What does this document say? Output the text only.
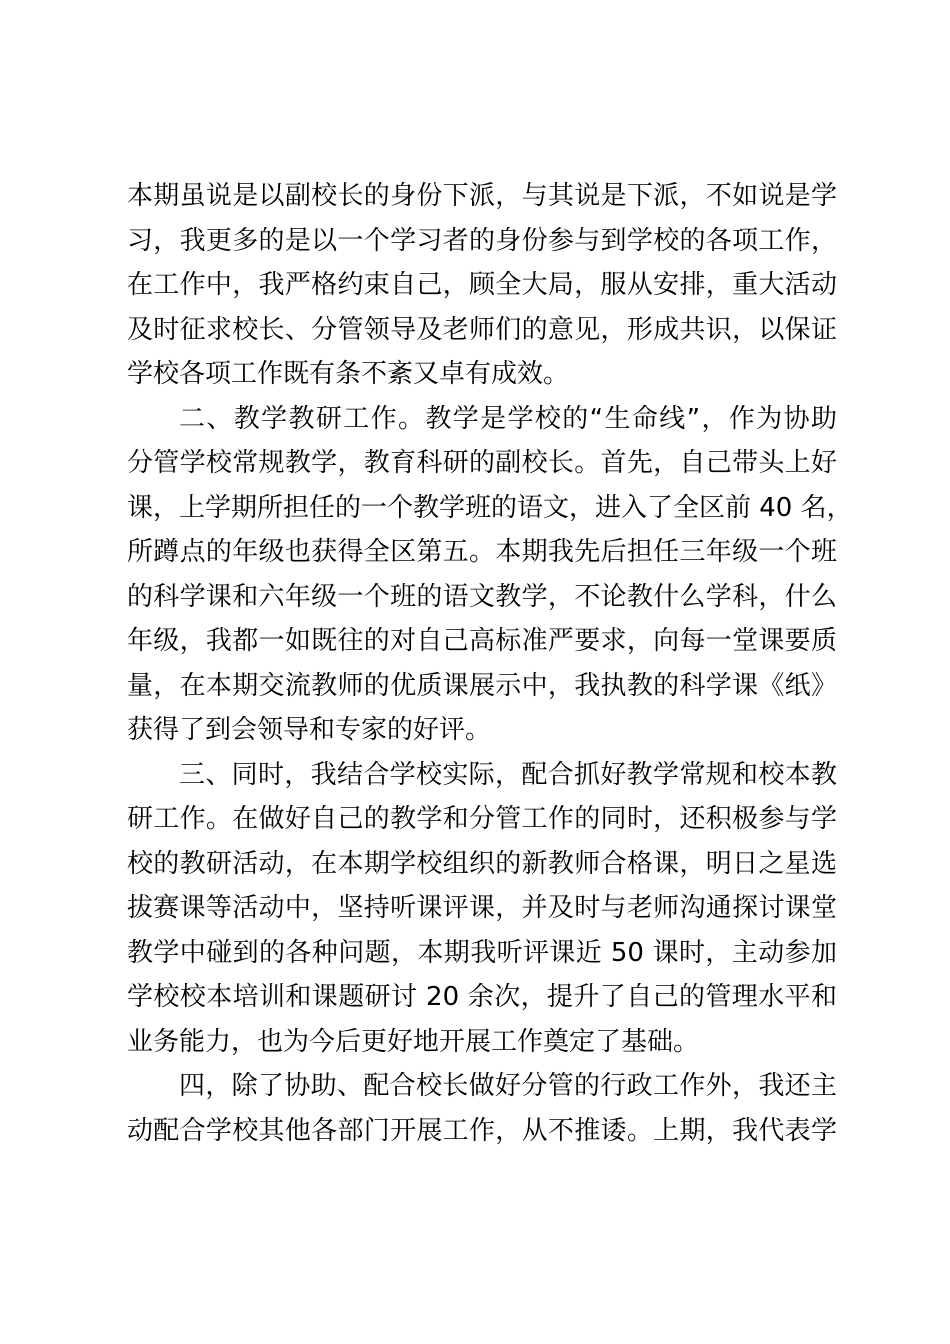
本期虽说是以副校长的身份下派，与其说是下派，不如说是学
习，我更多的是以一个学习者的身份参与到学校的各项工作，
在工作中，我严格约束自己，顾全大局，服从安排，重大活动
及时征求校长、分管领导及老师们的意见，形成共识，以保证
学校各项工作既有条不紊又卓有成效。
二、教学教研工作。教学是学校的“生命线”，作为协助
分管学校常规教学，教育科研的副校长。首先，自己带头上好
课，上学期所担任的一个教学班的语文，进入了全区前 40 名，
所蹲点的年级也获得全区第五。本期我先后担任三年级一个班
的科学课和六年级一个班的语文教学，不论教什么学科，什么
年级，我都一如既往的对自己高标准严要求，向每一堂课要质
量，在本期交流教师的优质课展示中，我执教的科学课《纸》
获得了到会领导和专家的好评。
三、同时，我结合学校实际，配合抓好教学常规和校本教
研工作。在做好自己的教学和分管工作的同时，还积极参与学
校的教研活动，在本期学校组织的新教师合格课，明日之星选
拔赛课等活动中，坚持听课评课，并及时与老师沟通探讨课堂
教学中碰到的各种问题，本期我听评课近 50 课时，主动参加
学校校本培训和课题研讨 20 余次，提升了自己的管理水平和
业务能力，也为今后更好地开展工作奠定了基础。
四，除了协助、配合校长做好分管的行政工作外，我还主
动配合学校其他各部门开展工作，从不推诿。上期，我代表学
